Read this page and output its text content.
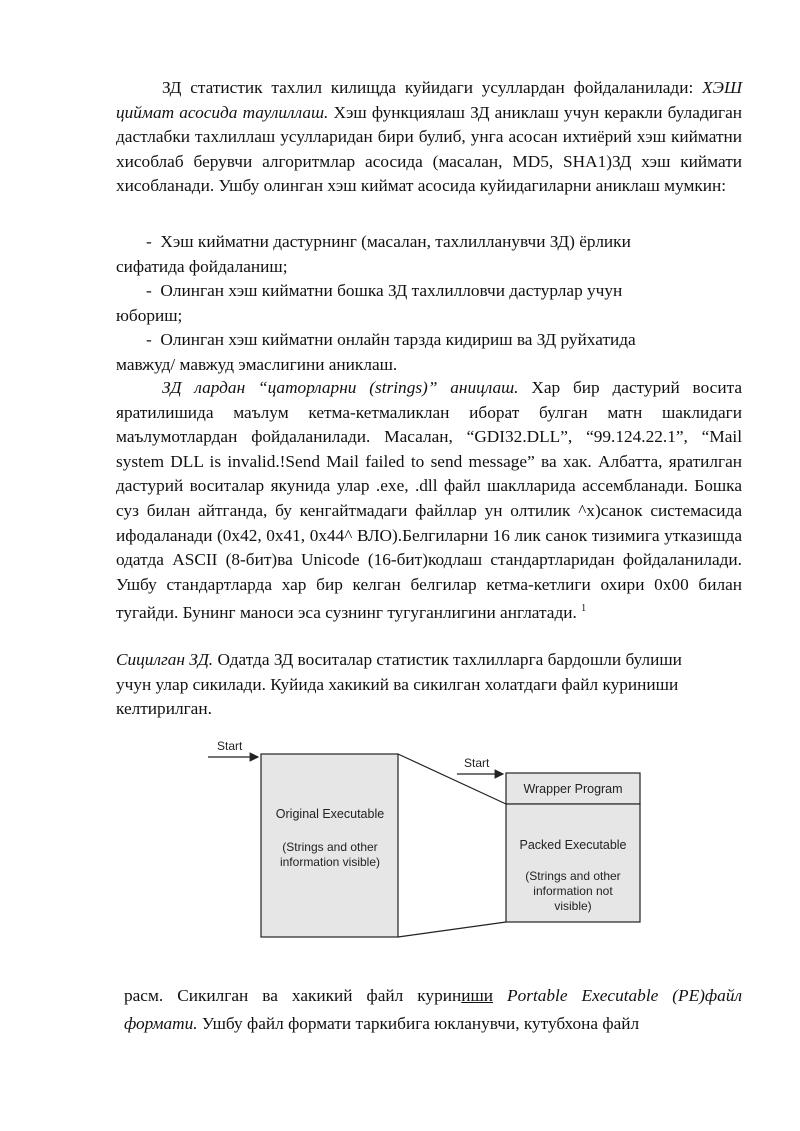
ЗД статистик тахлил килищда куйидаги усуллардан фойдаланилади: ХЭШ циймат асосида таулиллаш. Хэш функциялаш ЗД аниклаш учун керакли буладиган дастлабки тахлиллаш усулларидан бири булиб, унга асосан ихтиёрий хэш кийматни хисоблаб берувчи алгоритмлар асосида (масалан, MD5, SHA1)ЗД хэш киймати хисобланади. Ушбу олинган хэш киймат асосида куйидагиларни аниклаш мумкин:
- Хэш кийматни дастурнинг (масалан, тахлилланувчи ЗД) ёрлики
сифатида фойдаланиш;
- Олинган хэш кийматни бошка ЗД тахлилловчи дастурлар учун
юбориш;
- Олинган хэш кийматни онлайн тарзда кидириш ва ЗД руйхатида
мавжуд/ мавжуд эмаслигини аниклаш.
ЗД лардан “цаторларни (strings)” аницлаш. Хар бир дастурий восита яратилишида маълум кетма-кетмаликлан иборат булган матн шаклидаги маълумотлардан фойдаланилади. Масалан, “GDI32.DLL”, “99.124.22.1”, “Mail system DLL is invalid.!Send Mail failed to send message” ва хак. Албатта, яратилган дастурий воситалар якунида улар .exe, .dll файл шаклларида ассембланади. Бошка суз билан айтганда, бу кенгайтмадаги файллар ун олтилик ^x)санок системасида ифодаланади (0x42, 0x41, 0x44^ ВЛО).Белгиларни 16 лик санок тизимига утказишда одатда ASCII (8-бит)ва Unicode (16-бит)кодлаш стандартларидан фойдаланилади. Ушбу стандартларда хар бир келган белгилар кетма-кетлиги охири 0x00 билан тугайди. Бунинг маноси эса сузнинг тугуганлигини англатади. $^1$
Сицилган ЗД. Одатда ЗД воситалар статистик тахлилларга бардошли булиши
учун улар сикилади. Куйида хакикий ва сикилган холатдаги файл куриниши
келтирилган.
Start
Original Executable
(Strings and other
information visible)
Start
Wrapper Program
Packed Executable
(Strings and other
information not
visible)
расм. Сикилган ва хакикий файл куриниши Portable Executable (PE)файл формати. Ушбу файл формати таркибига юкланувчи, кутубхона файл
